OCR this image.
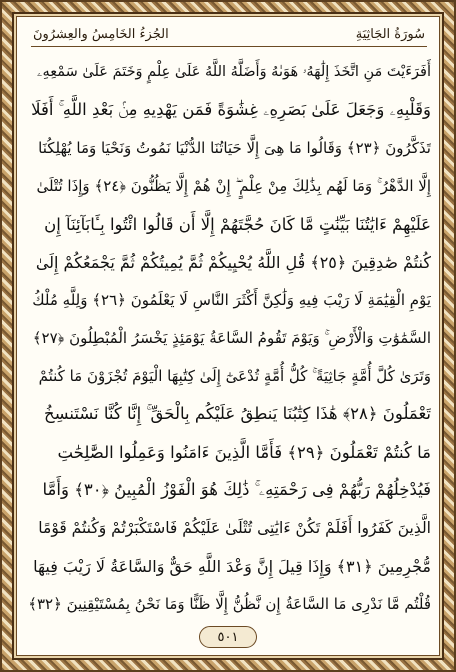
الجُزءُ الخَامِسُ والعِشرُونَ	سُورَةُ الجَاثِيَةِ
أَفَرَءَيْتَ مَنِ اتَّخَذَ إِلَٰهَهُۥ هَوَىٰهُ وَأَضَلَّهُ اللَّهُ عَلَىٰ عِلْمٍ وَخَتَمَ عَلَىٰ سَمْعِهِۦ
وَقَلْبِهِۦ وَجَعَلَ عَلَىٰ بَصَرِهِۦ غِشَٰوَةً فَمَن يَهْدِيهِ مِنۢ بَعْدِ اللَّهِ ۚ أَفَلَا
تَذَكَّرُونَ ﴿٢٣﴾ وَقَالُوا مَا هِىَ إِلَّا حَيَاتُنَا الدُّنْيَا نَمُوتُ وَنَحْيَا وَمَا يُهْلِكُنَا
إِلَّا الدَّهْرُ ۚ وَمَا لَهُم بِذَٰلِكَ مِنْ عِلْمٍ ۖ إِنْ هُمْ إِلَّا يَظُنُّونَ ﴿٢٤﴾ وَإِذَا تُتْلَىٰ
عَلَيْهِمْ ءَايَٰتُنَا بَيِّنَٰتٍ مَّا كَانَ حُجَّتَهُمْ إِلَّا أَن قَالُوا ائْتُوا بِـَٔابَآئِنَآ إِن
كُنتُمْ صَٰدِقِينَ ﴿٢٥﴾ قُلِ اللَّهُ يُحْيِيكُمْ ثُمَّ يُمِيتُكُمْ ثُمَّ يَجْمَعُكُمْ إِلَىٰ
يَوْمِ الْقِيَٰمَةِ لَا رَيْبَ فِيهِ وَلَٰكِنَّ أَكْثَرَ النَّاسِ لَا يَعْلَمُونَ ﴿٢٦﴾ وَلِلَّهِ مُلْكُ
السَّمَٰوَٰتِ وَالْأَرْضِ ۚ وَيَوْمَ تَقُومُ السَّاعَةُ يَوْمَئِذٍ يَخْسَرُ الْمُبْطِلُونَ ﴿٢٧﴾
وَتَرَىٰ كُلَّ أُمَّةٍ جَاثِيَةً ۚ كُلُّ أُمَّةٍ تُدْعَىٰٓ إِلَىٰ كِتَٰبِهَا الْيَوْمَ تُجْزَوْنَ مَا كُنتُمْ
تَعْمَلُونَ ﴿٢٨﴾ هَٰذَا كِتَٰبُنَا يَنطِقُ عَلَيْكُم بِالْحَقِّ ۚ إِنَّا كُنَّا نَسْتَنسِخُ
مَا كُنتُمْ تَعْمَلُونَ ﴿٢٩﴾ فَأَمَّا الَّذِينَ ءَامَنُوا وَعَمِلُوا الصَّٰلِحَٰتِ
فَيُدْخِلُهُمْ رَبُّهُمْ فِى رَحْمَتِهِۦ ۚ ذَٰلِكَ هُوَ الْفَوْزُ الْمُبِينُ ﴿٣٠﴾ وَأَمَّا
الَّذِينَ كَفَرُوا أَفَلَمْ تَكُنْ ءَايَٰتِى تُتْلَىٰ عَلَيْكُمْ فَاسْتَكْبَرْتُمْ وَكُنتُمْ قَوْمًا
مُّجْرِمِينَ ﴿٣١﴾ وَإِذَا قِيلَ إِنَّ وَعْدَ اللَّهِ حَقٌّ وَالسَّاعَةُ لَا رَيْبَ فِيهَا
قُلْتُم مَّا نَدْرِى مَا السَّاعَةُ إِن نَّظُنُّ إِلَّا ظَنًّا وَمَا نَحْنُ بِمُسْتَيْقِنِينَ ﴿٣٢﴾
٥٠١
